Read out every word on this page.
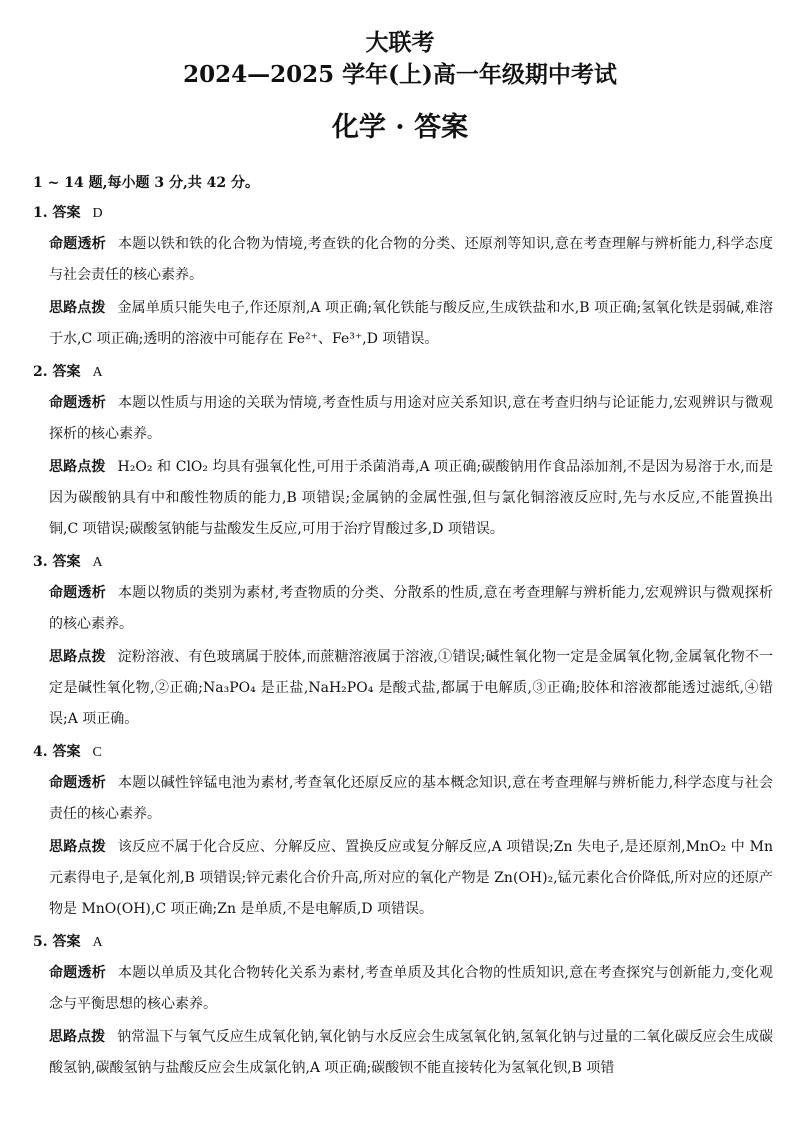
大联考
2024—2025 学年(上)高一年级期中考试
化学 · 答案
1 ~ 14 题,每小题 3 分,共 42 分。
1. 答案 D
命题透析 本题以铁和铁的化合物为情境,考查铁的化合物的分类、还原剂等知识,意在考查理解与辨析能力,科学态度与社会责任的核心素养。
思路点拨 金属单质只能失电子,作还原剂,A 项正确;氧化铁能与酸反应,生成铁盐和水,B 项正确;氢氧化铁是弱碱,难溶于水,C 项正确;透明的溶液中可能存在 Fe²⁺、Fe³⁺,D 项错误。
2. 答案 A
命题透析 本题以性质与用途的关联为情境,考查性质与用途对应关系知识,意在考查归纳与论证能力,宏观辨识与微观探析的核心素养。
思路点拨 H₂O₂ 和 ClO₂ 均具有强氧化性,可用于杀菌消毒,A 项正确;碳酸钠用作食品添加剂,不是因为易溶于水,而是因为碳酸钠具有中和酸性物质的能力,B 项错误;金属钠的金属性强,但与氯化铜溶液反应时,先与水反应,不能置换出铜,C 项错误;碳酸氢钠能与盐酸发生反应,可用于治疗胃酸过多,D 项错误。
3. 答案 A
命题透析 本题以物质的类别为素材,考查物质的分类、分散系的性质,意在考查理解与辨析能力,宏观辨识与微观探析的核心素养。
思路点拨 淀粉溶液、有色玻璃属于胶体,而蔗糖溶液属于溶液,①错误;碱性氧化物一定是金属氧化物,金属氧化物不一定是碱性氧化物,②正确;Na₃PO₄ 是正盐,NaH₂PO₄ 是酸式盐,都属于电解质,③正确;胶体和溶液都能透过滤纸,④错误;A 项正确。
4. 答案 C
命题透析 本题以碱性锌锰电池为素材,考查氧化还原反应的基本概念知识,意在考查理解与辨析能力,科学态度与社会责任的核心素养。
思路点拨 该反应不属于化合反应、分解反应、置换反应或复分解反应,A 项错误;Zn 失电子,是还原剂,MnO₂ 中 Mn 元素得电子,是氧化剂,B 项错误;锌元素化合价升高,所对应的氧化产物是 Zn(OH)₂,锰元素化合价降低,所对应的还原产物是 MnO(OH),C 项正确;Zn 是单质,不是电解质,D 项错误。
5. 答案 A
命题透析 本题以单质及其化合物转化关系为素材,考查单质及其化合物的性质知识,意在考查探究与创新能力,变化观念与平衡思想的核心素养。
思路点拨 钠常温下与氧气反应生成氧化钠,氧化钠与水反应会生成氢氧化钠,氢氧化钠与过量的二氧化碳反应会生成碳酸氢钠,碳酸氢钠与盐酸反应会生成氯化钠,A 项正确;碳酸钡不能直接转化为氢氧化钡,B 项错
